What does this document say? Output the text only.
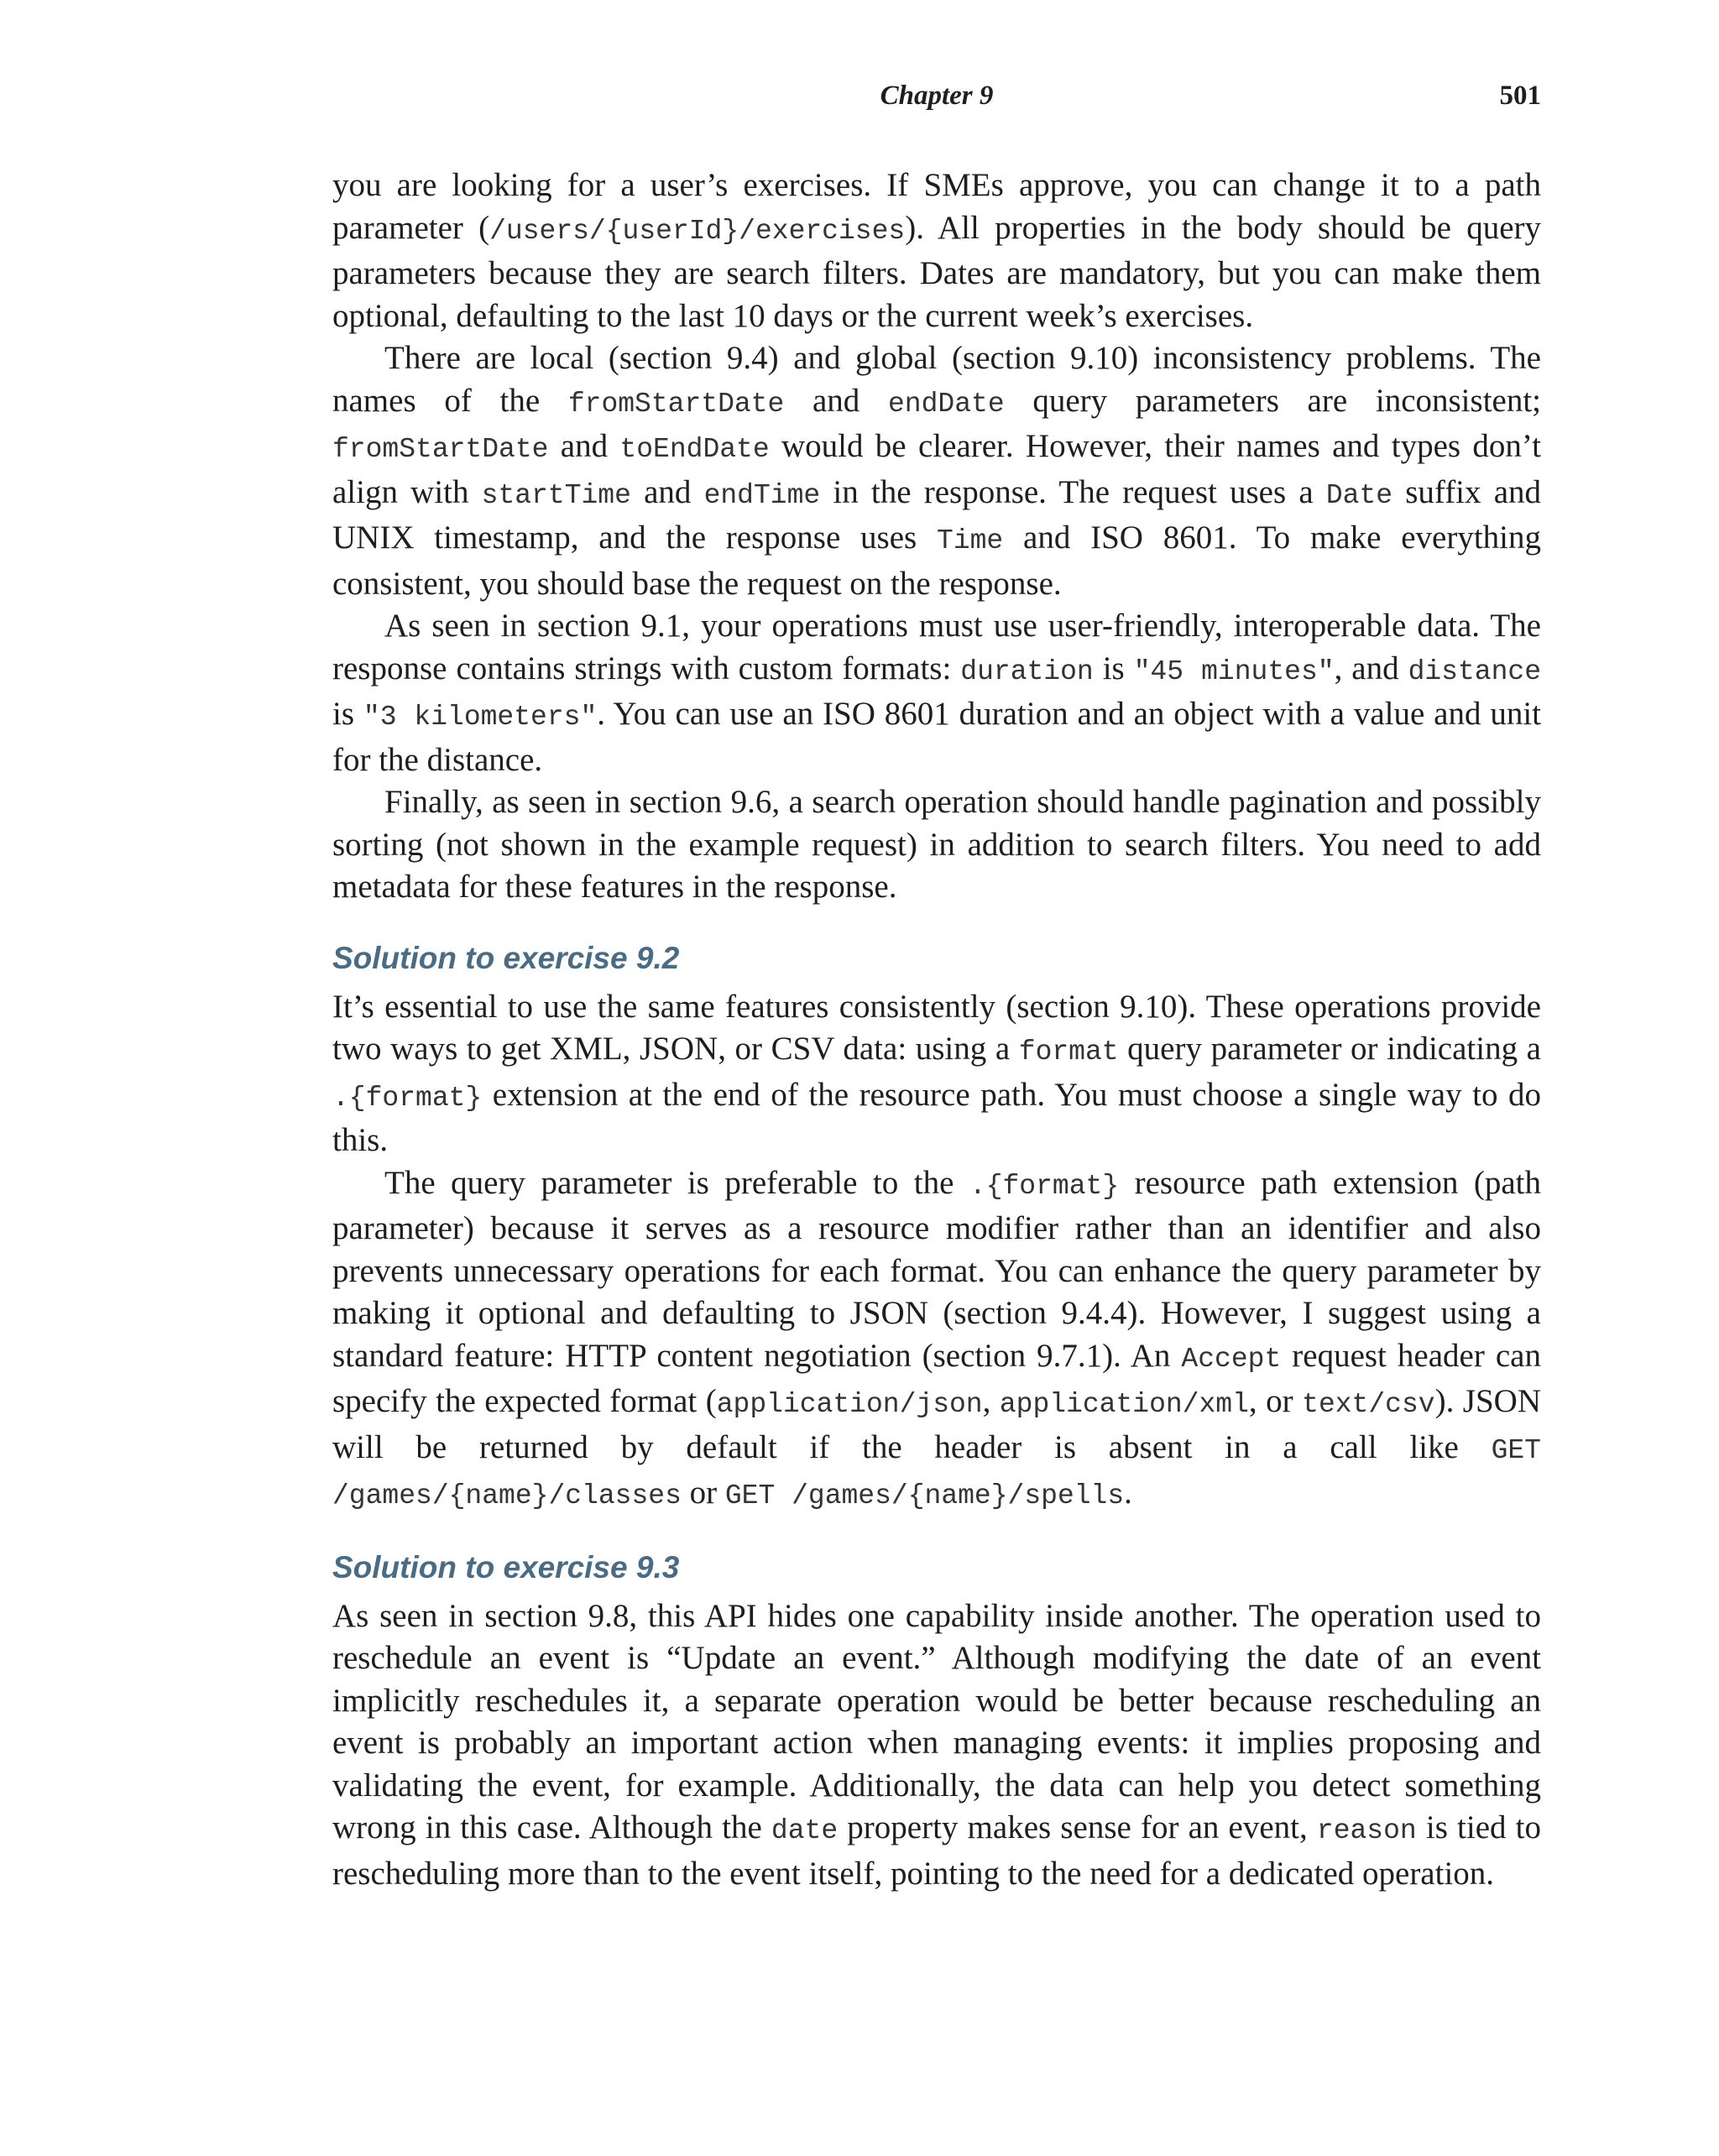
Chapter 9	501

you are looking for a user’s exercises. If SMEs approve, you can change it to a path parameter (/users/{userId}/exercises). All properties in the body should be query parameters because they are search filters. Dates are mandatory, but you can make them optional, defaulting to the last 10 days or the current week’s exercises.

There are local (section 9.4) and global (section 9.10) inconsistency problems. The names of the fromStartDate and endDate query parameters are inconsistent; fromStartDate and toEndDate would be clearer. However, their names and types don’t align with startTime and endTime in the response. The request uses a Date suffix and UNIX timestamp, and the response uses Time and ISO 8601. To make everything consistent, you should base the request on the response.

As seen in section 9.1, your operations must use user-friendly, interoperable data. The response contains strings with custom formats: duration is "45 minutes", and distance is "3 kilometers". You can use an ISO 8601 duration and an object with a value and unit for the distance.

Finally, as seen in section 9.6, a search operation should handle pagination and possibly sorting (not shown in the example request) in addition to search filters. You need to add metadata for these features in the response.

Solution to exercise 9.2

It’s essential to use the same features consistently (section 9.10). These operations provide two ways to get XML, JSON, or CSV data: using a format query parameter or indicating a .{format} extension at the end of the resource path. You must choose a single way to do this.

The query parameter is preferable to the .{format} resource path extension (path parameter) because it serves as a resource modifier rather than an identifier and also prevents unnecessary operations for each format. You can enhance the query parameter by making it optional and defaulting to JSON (section 9.4.4). However, I suggest using a standard feature: HTTP content negotiation (section 9.7.1). An Accept request header can specify the expected format (application/json, application/xml, or text/csv). JSON will be returned by default if the header is absent in a call like GET /games/{name}/classes or GET /games/{name}/spells.

Solution to exercise 9.3

As seen in section 9.8, this API hides one capability inside another. The operation used to reschedule an event is “Update an event.” Although modifying the date of an event implicitly reschedules it, a separate operation would be better because rescheduling an event is probably an important action when managing events: it implies proposing and validating the event, for example. Additionally, the data can help you detect something wrong in this case. Although the date property makes sense for an event, reason is tied to rescheduling more than to the event itself, pointing to the need for a dedicated operation.
